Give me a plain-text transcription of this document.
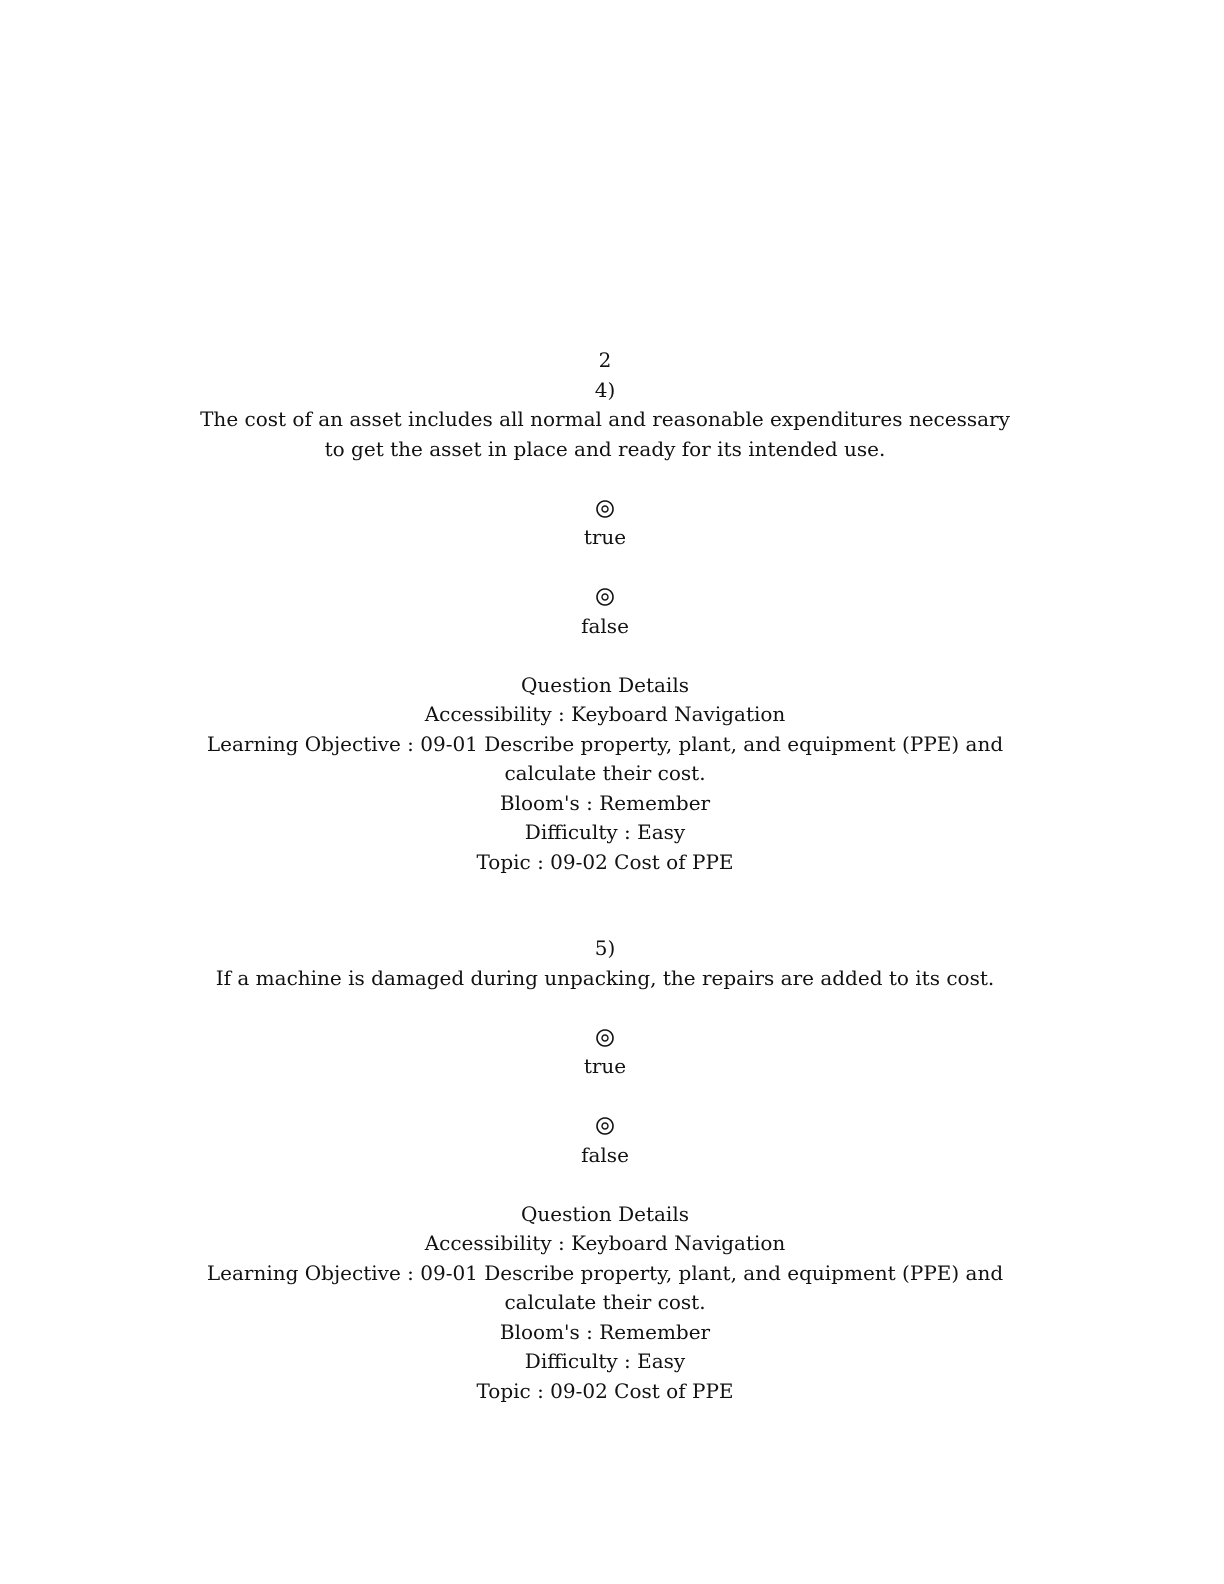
2
4)
The cost of an asset includes all normal and reasonable expenditures necessary to get the asset in place and ready for its intended use.
true
false
Question Details
Accessibility : Keyboard Navigation
Learning Objective : 09-01 Describe property, plant, and equipment (PPE) and calculate their cost.
Bloom's : Remember
Difficulty : Easy
Topic : 09-02 Cost of PPE
5)
If a machine is damaged during unpacking, the repairs are added to its cost.
true
false
Question Details
Accessibility : Keyboard Navigation
Learning Objective : 09-01 Describe property, plant, and equipment (PPE) and calculate their cost.
Bloom's : Remember
Difficulty : Easy
Topic : 09-02 Cost of PPE
